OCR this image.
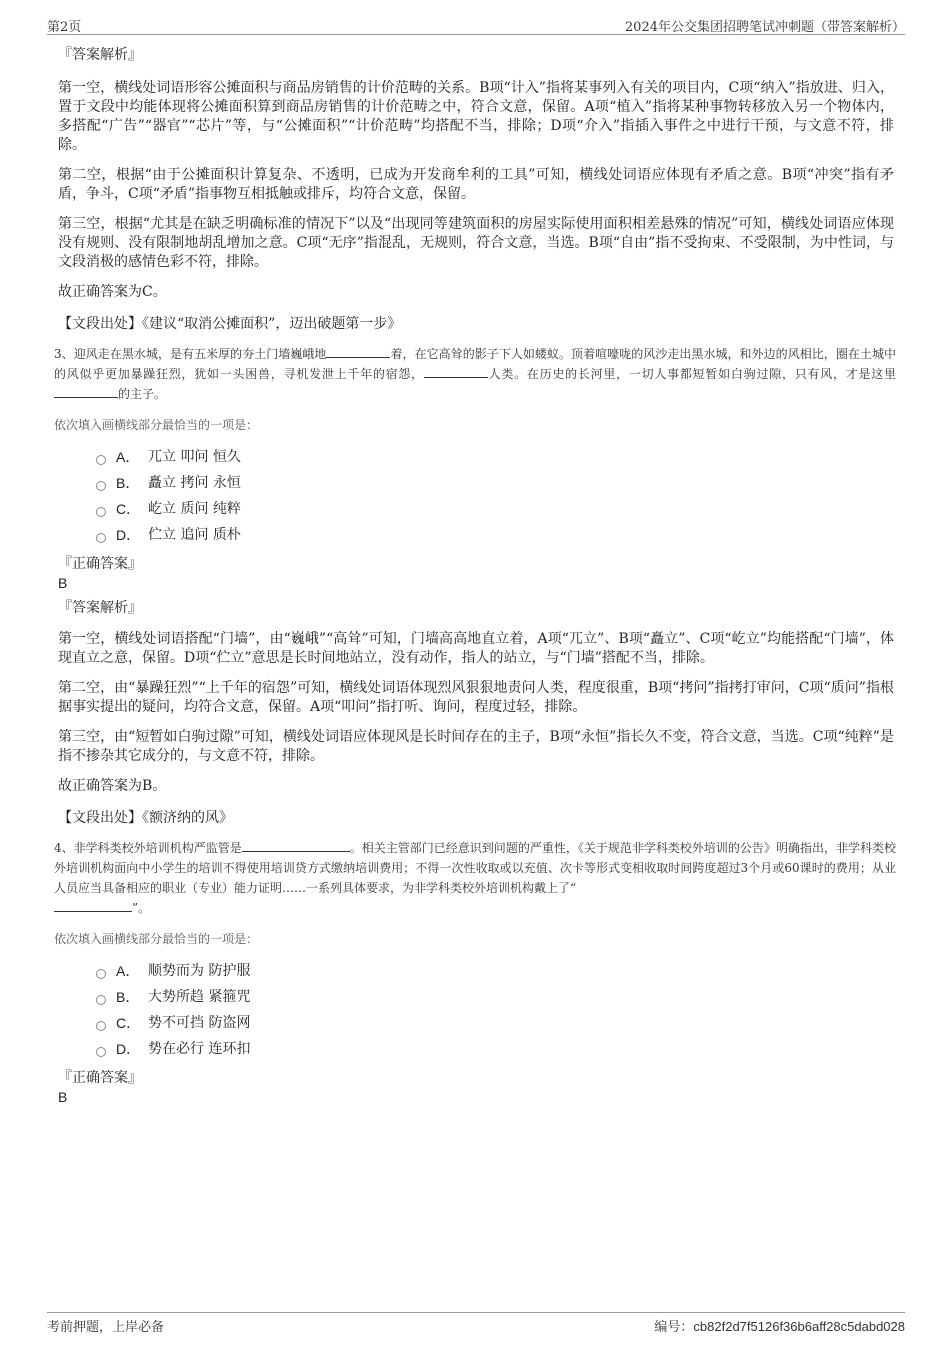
第2页	2024年公交集团招聘笔试冲刺题（带答案解析）

『答案解析』

第一空，横线处词语形容公摊面积与商品房销售的计价范畴的关系。B项“计入”指将某事列入有关的项目内，C项“纳入”指放进、归入，置于文段中均能体现将公摊面积算到商品房销售的计价范畴之中，符合文意，保留。A项“植入”指将某种事物转移放入另一个物体内，多搭配“广告”“器官”“芯片”等，与“公摊面积”“计价范畴”均搭配不当，排除；D项“介入”指插入事件之中进行干预，与文意不符，排除。

第二空，根据“由于公摊面积计算复杂、不透明，已成为开发商牟利的工具”可知，横线处词语应体现有矛盾之意。B项“冲突”指有矛盾，争斗，C项“矛盾”指事物互相抵触或排斥，均符合文意，保留。

第三空，根据“尤其是在缺乏明确标准的情况下”以及“出现同等建筑面积的房屋实际使用面积相差悬殊的情况”可知，横线处词语应体现没有规则、没有限制地胡乱增加之意。C项“无序”指混乱，无规则，符合文意，当选。B项“自由”指不受拘束、不受限制，为中性词，与文段消极的感情色彩不符，排除。

故正确答案为C。

【文段出处】《建议“取消公摊面积”，迈出破题第一步》

3、迎风走在黑水城，是有五米厚的夯土门墙巍峨地	着，在它高耸的影子下人如蝼蚁。顶着喧嚎咙的风沙走出黑水城，和外边的风相比，圈在土城中的风似乎更加暴躁狂烈，犹如一头困兽，寻机发泄上千年的宿怨，	人类。在历史的长河里，一切人事都短暂如白驹过隙，只有风，才是这里的主子。

依次填入画横线部分最恰当的一项是：

A． 兀立 叩问 恒久
B． 矗立 拷问 永恒
C． 屹立 质问 纯粹
D． 伫立 追问 质朴

『正确答案』

B

『答案解析』

第一空，横线处词语搭配“门墙”，由“巍峨”“高耸”可知，门墙高高地直立着，A项“兀立”、B项“矗立”、C项“屹立”均能搭配“门墙”，体现直立之意，保留。D项“伫立”意思是长时间地站立，没有动作，指人的站立，与“门墙”搭配不当，排除。

第二空，由“暴躁狂烈”“上千年的宿怨”可知，横线处词语体现烈风狠狠地责问人类，程度很重，B项“拷问”指拷打审问，C项“质问”指根据事实提出的疑问，均符合文意，保留。A项“叩问”指打听、询问，程度过轻，排除。

第三空，由“短暂如白驹过隙”可知，横线处词语应体现风是长时间存在的主子，B项“永恒”指长久不变，符合文意，当选。C项“纯粹”是指不掺杂其它成分的，与文意不符，排除。

故正确答案为B。

【文段出处】《额济纳的风》

4、非学科类校外培训机构严监管是	。相关主管部门已经意识到问题的严重性，《关于规范非学科类校外培训的公告》明确指出，非学科类校外培训机构面向中小学生的培训不得使用培训贷方式缴纳培训费用；不得一次性收取或以充值、次卡等形式变相收取时间跨度超过3个月或60课时的费用；从业人员应当具备相应的职业（专业）能力证明……一系列具体要求，为非学科类校外培训机构戴上了“
”。

依次填入画横线部分最恰当的一项是：

A． 顺势而为 防护服
B． 大势所趋 紧箍咒
C． 势不可挡 防盗网
D． 势在必行 连环扣

『正确答案』

B

考前押题，上岸必备	编号：cb82f2d7f5126f36b6aff28c5dabd028
